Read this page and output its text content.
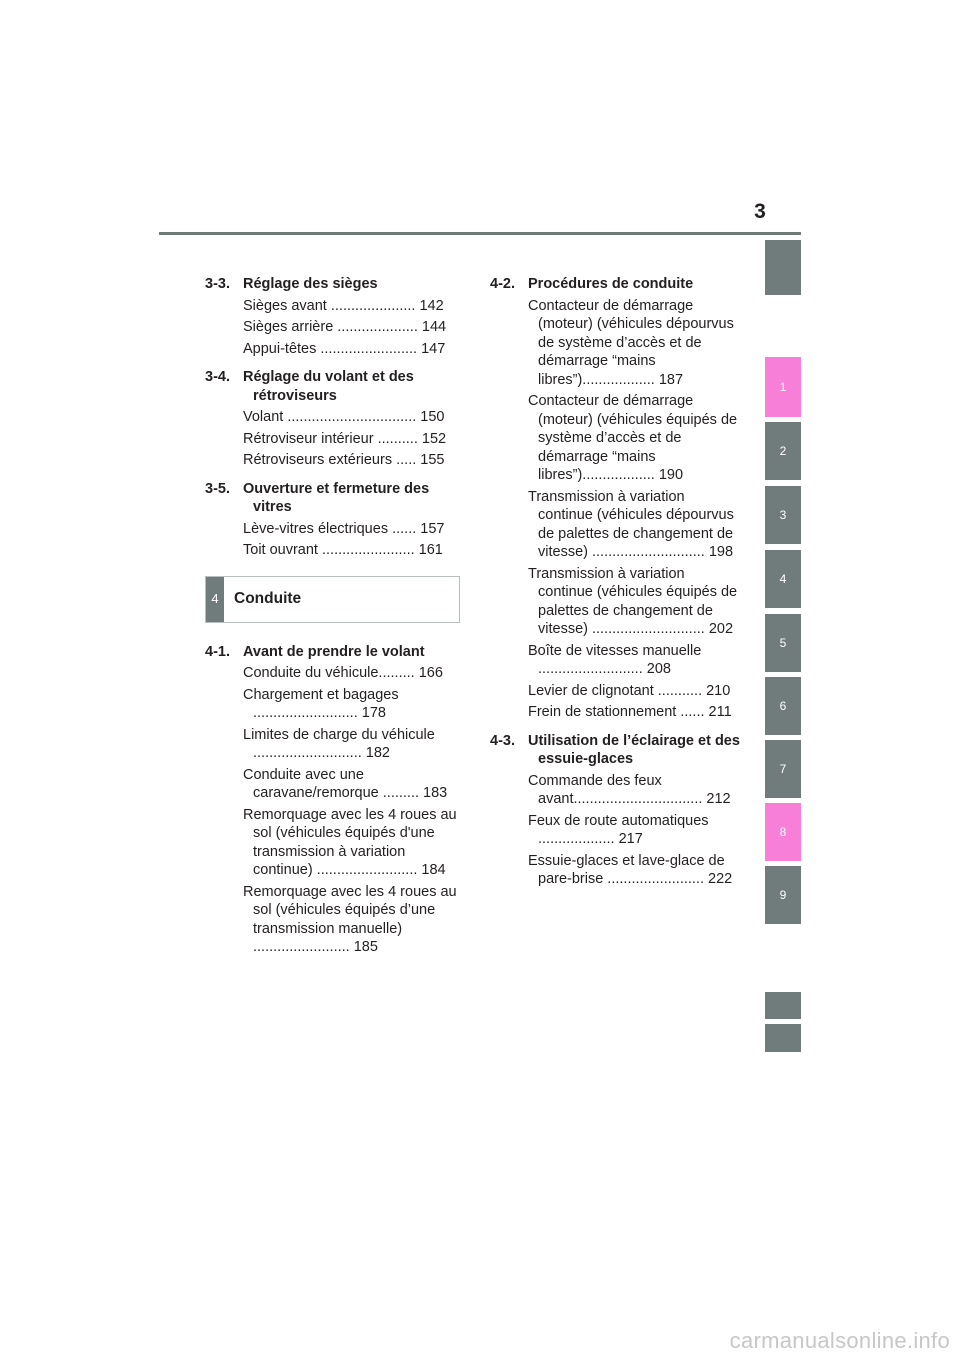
3
1
2
3
4
5
6
7
8
9
3-3. Réglage des sièges
Sièges avant ..................... 142
Sièges arrière .................... 144
Appui-têtes ........................ 147
3-4. Réglage du volant et des rétroviseurs
Volant ................................ 150
Rétroviseur intérieur .......... 152
Rétroviseurs extérieurs ..... 155
3-5. Ouverture et fermeture des vitres
Lève-vitres électriques ...... 157
Toit ouvrant ....................... 161
4 Conduite
4-1. Avant de prendre le volant
Conduite du véhicule......... 166
Chargement et bagages .......................... 178
Limites de charge du véhicule ........................... 182
Conduite avec une caravane/remorque ......... 183
Remorquage avec les 4 roues au sol (véhicules équipés d'une transmission à variation continue) ......................... 184
Remorquage avec les 4 roues au sol (véhicules équipés d’une transmission manuelle) ........................ 185
4-2. Procédures de conduite
Contacteur de démarrage (moteur) (véhicules dépourvus de système d’accès et de démarrage “mains libres”).................. 187
Contacteur de démarrage (moteur) (véhicules équipés de système d’accès et de démarrage “mains libres”).................. 190
Transmission à variation continue (véhicules dépourvus de palettes de changement de vitesse) ............................ 198
Transmission à variation continue (véhicules équipés de palettes de changement de vitesse) ............................ 202
Boîte de vitesses manuelle .......................... 208
Levier de clignotant ........... 210
Frein de stationnement ...... 211
4-3. Utilisation de l’éclairage et des essuie-glaces
Commande des feux avant................................ 212
Feux de route automatiques ................... 217
Essuie-glaces et lave-glace de pare-brise ........................ 222
carmanualsonline.info
